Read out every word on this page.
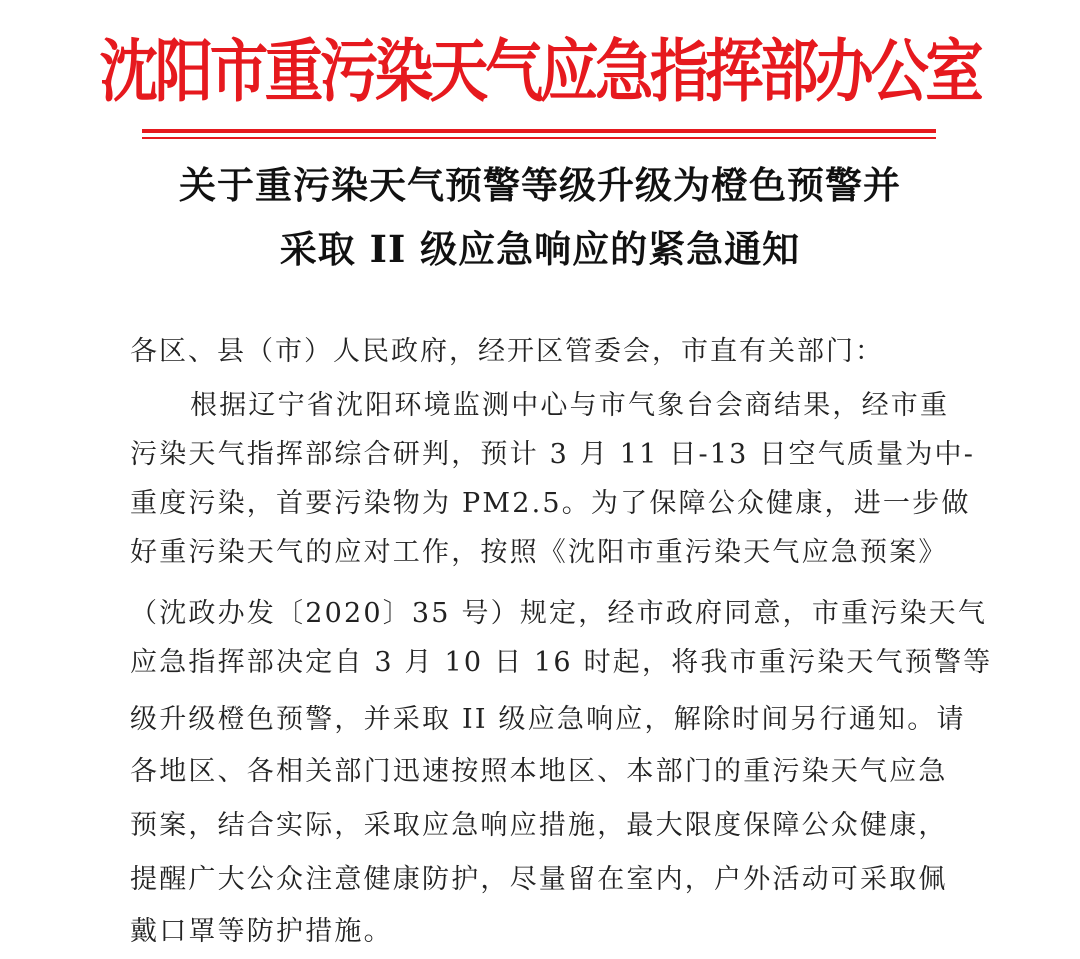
沈阳市重污染天气应急指挥部办公室
关于重污染天气预警等级升级为橙色预警并
采取 II 级应急响应的紧急通知
各区、县（市）人民政府，经开区管委会，市直有关部门：
根据辽宁省沈阳环境监测中心与市气象台会商结果，经市重
污染天气指挥部综合研判，预计 3 月 11 日-13 日空气质量为中-
重度污染，首要污染物为 PM2.5。为了保障公众健康，进一步做
好重污染天气的应对工作，按照《沈阳市重污染天气应急预案》
（沈政办发〔2020〕35 号）规定，经市政府同意，市重污染天气
应急指挥部决定自 3 月 10 日 16 时起，将我市重污染天气预警等
级升级橙色预警，并采取 II 级应急响应，解除时间另行通知。请
各地区、各相关部门迅速按照本地区、本部门的重污染天气应急
预案，结合实际，采取应急响应措施，最大限度保障公众健康，
提醒广大公众注意健康防护，尽量留在室内，户外活动可采取佩
戴口罩等防护措施。
